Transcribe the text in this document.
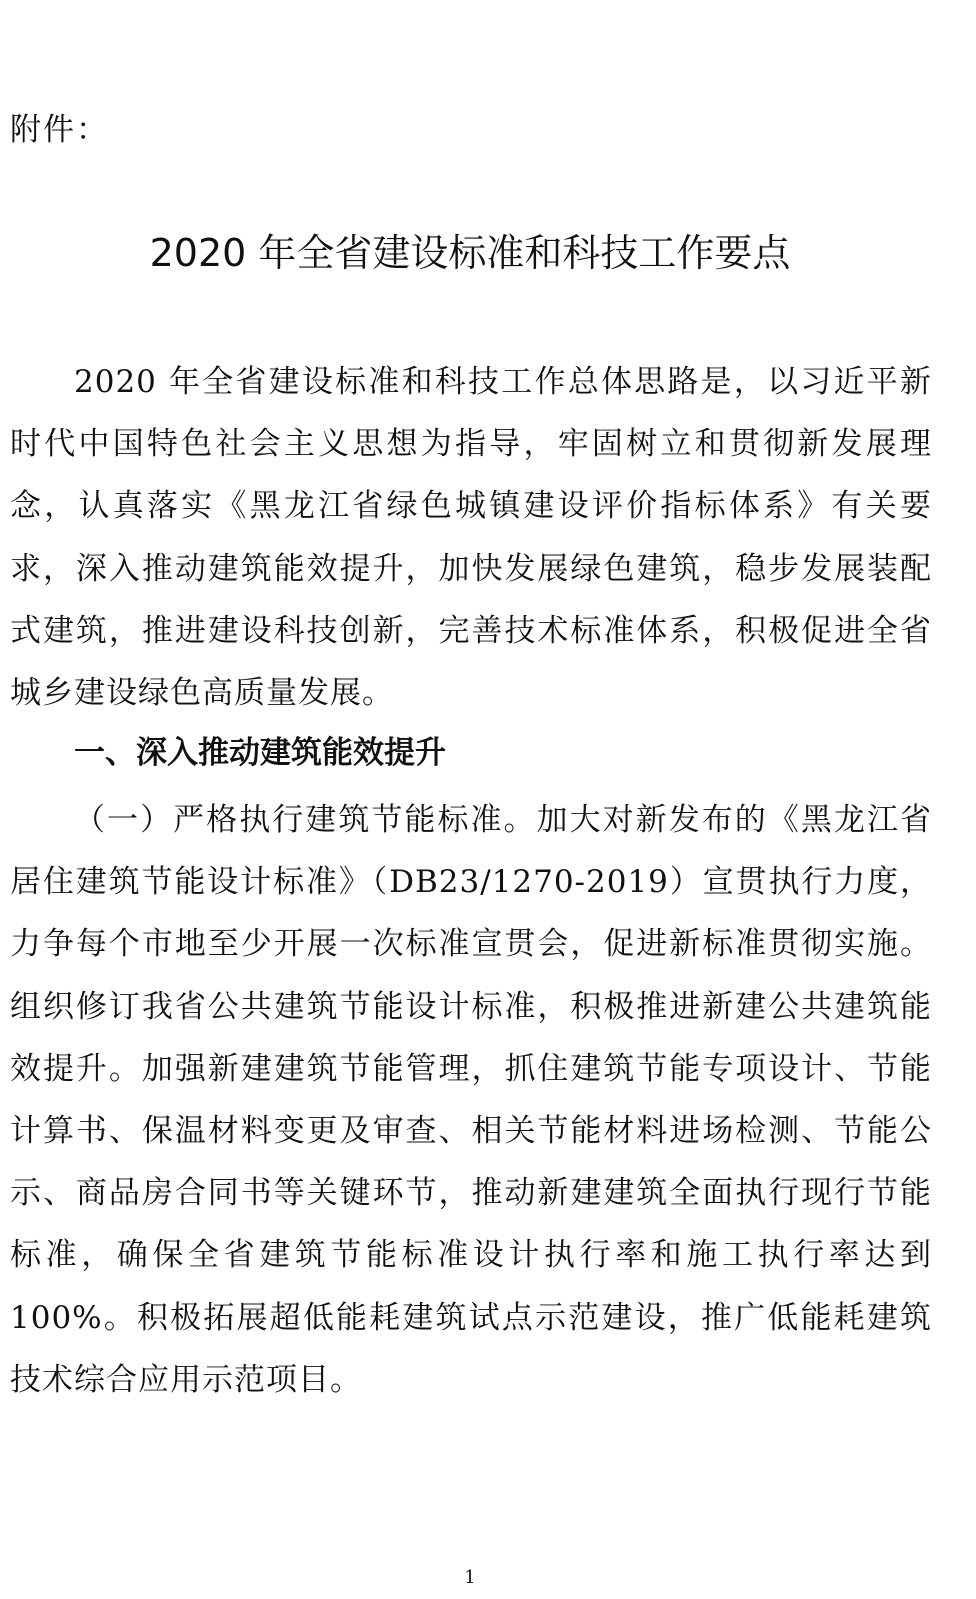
附件：
2020 年全省建设标准和科技工作要点

2020 年全省建设标准和科技工作总体思路是，以习近平新时代中国特色社会主义思想为指导，牢固树立和贯彻新发展理念，认真落实《黑龙江省绿色城镇建设评价指标体系》有关要求，深入推动建筑能效提升，加快发展绿色建筑，稳步发展装配式建筑，推进建设科技创新，完善技术标准体系，积极促进全省城乡建设绿色高质量发展。

一、深入推动建筑能效提升

（一）严格执行建筑节能标准。加大对新发布的《黑龙江省居住建筑节能设计标准》（DB23/1270-2019）宣贯执行力度，力争每个市地至少开展一次标准宣贯会，促进新标准贯彻实施。组织修订我省公共建筑节能设计标准，积极推进新建公共建筑能效提升。加强新建建筑节能管理，抓住建筑节能专项设计、节能计算书、保温材料变更及审查、相关节能材料进场检测、节能公示、商品房合同书等关键环节，推动新建建筑全面执行现行节能标准，确保全省建筑节能标准设计执行率和施工执行率达到 100%。积极拓展超低能耗建筑试点示范建设，推广低能耗建筑技术综合应用示范项目。

1
